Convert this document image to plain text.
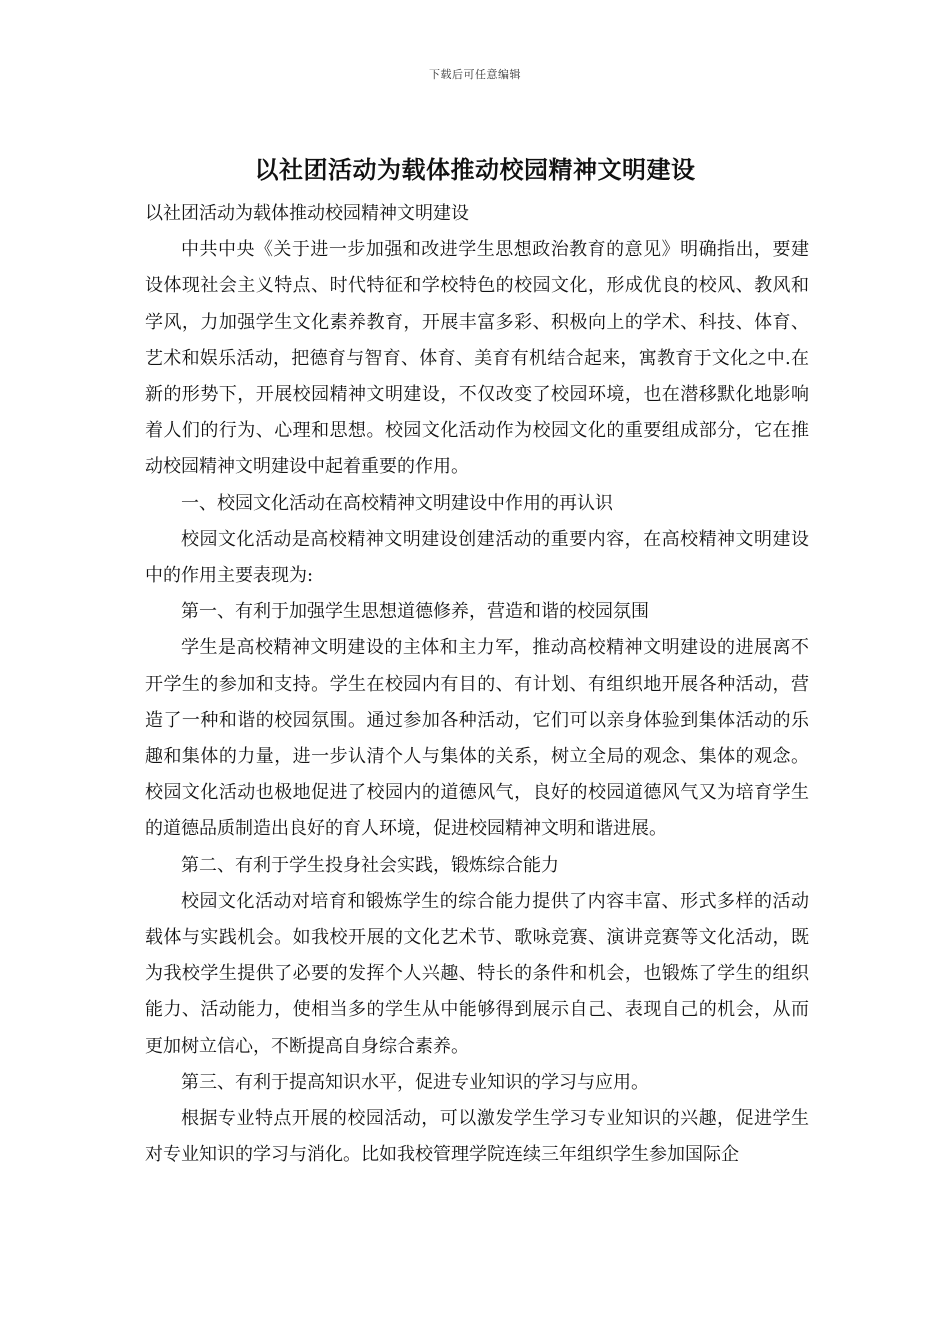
下载后可任意编辑
以社团活动为载体推动校园精神文明建设

以社团活动为载体推动校园精神文明建设

中共中央《关于进一步加强和改进学生思想政治教育的意见》明确指出，要建设体现社会主义特点、时代特征和学校特色的校园文化，形成优良的校风、教风和学风，力加强学生文化素养教育，开展丰富多彩、积极向上的学术、科技、体育、艺术和娱乐活动，把德育与智育、体育、美育有机结合起来，寓教育于文化之中.在新的形势下，开展校园精神文明建设，不仅改变了校园环境，也在潜移默化地影响着人们的行为、心理和思想。校园文化活动作为校园文化的重要组成部分，它在推动校园精神文明建设中起着重要的作用。

一、校园文化活动在高校精神文明建设中作用的再认识

校园文化活动是高校精神文明建设创建活动的重要内容，在高校精神文明建设中的作用主要表现为:

第一、有利于加强学生思想道德修养，营造和谐的校园氛围

学生是高校精神文明建设的主体和主力军，推动高校精神文明建设的进展离不开学生的参加和支持。学生在校园内有目的、有计划、有组织地开展各种活动，营造了一种和谐的校园氛围。通过参加各种活动，它们可以亲身体验到集体活动的乐趣和集体的力量，进一步认清个人与集体的关系，树立全局的观念、集体的观念。校园文化活动也极地促进了校园内的道德风气，良好的校园道德风气又为培育学生的道德品质制造出良好的育人环境，促进校园精神文明和谐进展。

第二、有利于学生投身社会实践，锻炼综合能力

校园文化活动对培育和锻炼学生的综合能力提供了内容丰富、形式多样的活动载体与实践机会。如我校开展的文化艺术节、歌咏竞赛、演讲竞赛等文化活动，既为我校学生提供了必要的发挥个人兴趣、特长的条件和机会，也锻炼了学生的组织能力、活动能力，使相当多的学生从中能够得到展示自己、表现自己的机会，从而更加树立信心，不断提高自身综合素养。

第三、有利于提高知识水平，促进专业知识的学习与应用。

根据专业特点开展的校园活动，可以激发学生学习专业知识的兴趣，促进学生对专业知识的学习与消化。比如我校管理学院连续三年组织学生参加国际企
